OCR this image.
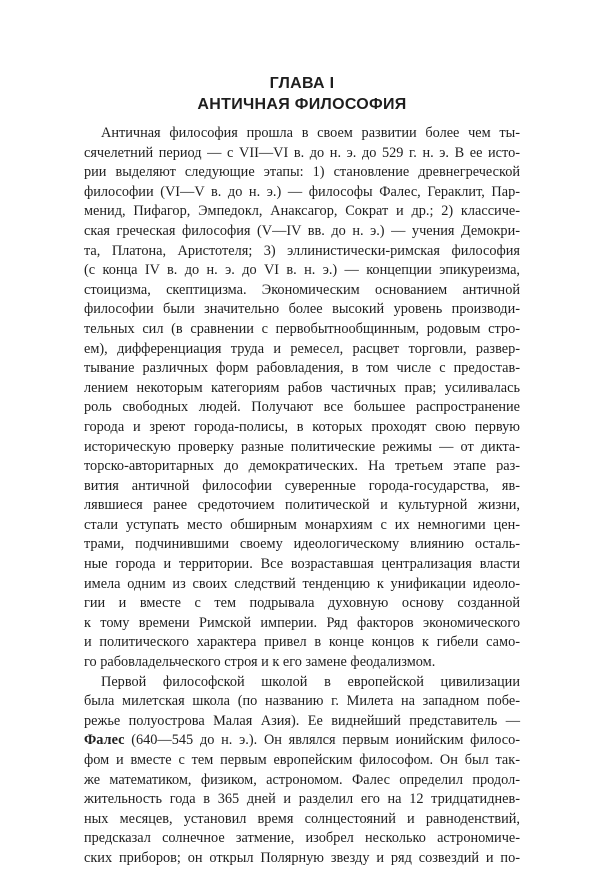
ГЛАВА I
АНТИЧНАЯ ФИЛОСОФИЯ

Античная философия прошла в своем развитии более чем ты-
сячелетний период — с VII—VI в. до н. э. до 529 г. н. э. В ее исто-
рии выделяют следующие этапы: 1) становление древнегреческой
философии (VI—V в. до н. э.) — философы Фалес, Гераклит, Пар-
менид, Пифагор, Эмпедокл, Анаксагор, Сократ и др.; 2) классиче-
ская греческая философия (V—IV вв. до н. э.) — учения Демокри-
та, Платона, Аристотеля; 3) эллинистически-римская философия
(с конца IV в. до н. э. до VI в. н. э.) — концепции эпикуреизма,
стоицизма, скептицизма. Экономическим основанием античной
философии были значительно более высокий уровень производи-
тельных сил (в сравнении с первобытнообщинным, родовым стро-
ем), дифференциация труда и ремесел, расцвет торговли, развер-
тывание различных форм рабовладения, в том числе с предостав-
лением некоторым категориям рабов частичных прав; усиливалась
роль свободных людей. Получают все большее распространение
города и зреют города-полисы, в которых проходят свою первую
историческую проверку разные политические режимы — от дикта-
торско-авторитарных до демократических. На третьем этапе раз-
вития античной философии суверенные города-государства, яв-
лявшиеся ранее средоточием политической и культурной жизни,
стали уступать место обширным монархиям с их немногими цен-
трами, подчинившими своему идеологическому влиянию осталь-
ные города и территории. Все возраставшая централизация власти
имела одним из своих следствий тенденцию к унификации идеоло-
гии и вместе с тем подрывала духовную основу созданной
к тому времени Римской империи. Ряд факторов экономического
и политического характера привел в конце концов к гибели само-
го рабовладельческого строя и к его замене феодализмом.

Первой философской школой в европейской цивилизации
была милетская школа (по названию г. Милета на западном побе-
режье полуострова Малая Азия). Ее виднейший представитель —
Фалес (640—545 до н. э.). Он являлся первым ионийским филосо-
фом и вместе с тем первым европейским философом. Он был так-
же математиком, физиком, астрономом. Фалес определил продол-
жительность года в 365 дней и разделил его на 12 тридцатиднев-
ных месяцев, установил время солнцестояний и равноденствий,
предсказал солнечное затмение, изобрел несколько астрономиче-
ских приборов; он открыл Полярную звезду и ряд созвездий и по-
